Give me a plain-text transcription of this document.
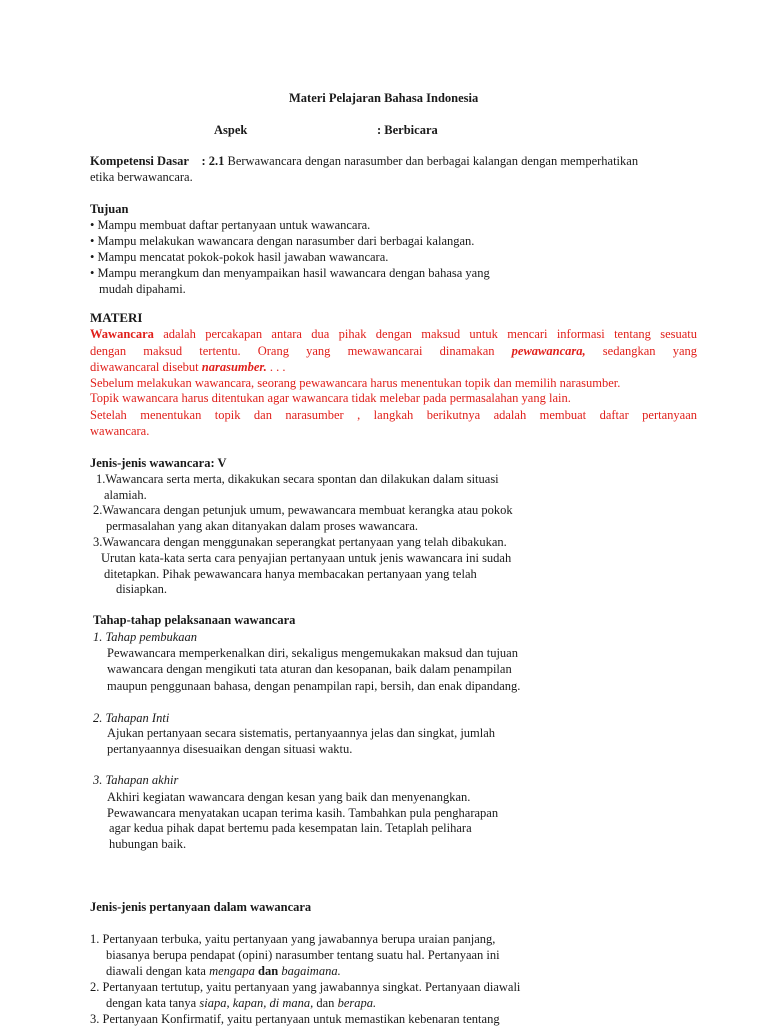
Materi Pelajaran Bahasa Indonesia
Aspek	: Berbicara
Kompetensi Dasar : 2.1 Berwawancara dengan narasumber dan berbagai kalangan dengan memperhatikan
etika berwawancara.
Tujuan
• Mampu membuat daftar pertanyaan untuk wawancara.
• Mampu melakukan wawancara dengan narasumber dari berbagai kalangan.
• Mampu mencatat pokok-pokok hasil jawaban wawancara.
• Mampu merangkum dan menyampaikan hasil wawancara dengan bahasa yang
mudah dipahami.
MATERI
Wawancara adalah percakapan antara dua pihak dengan maksud untuk mencari informasi tentang sesuatu
dengan maksud tertentu. Orang yang mewawancarai dinamakan pewawancara, sedangkan yang
diwawancaral disebut narasumber. . . .
Sebelum melakukan wawancara, seorang pewawancara harus menentukan topik dan memilih narasumber.
Topik wawancara harus ditentukan agar wawancara tidak melebar pada permasalahan yang lain.
Setelah menentukan topik dan narasumber , langkah berikutnya adalah membuat daftar pertanyaan
wawancara.
Jenis-jenis wawancara: V
1.Wawancara serta merta, dikakukan secara spontan dan dilakukan dalam situasi
alamiah.
2.Wawancara dengan petunjuk umum, pewawancara membuat kerangka atau pokok
permasalahan yang akan ditanyakan dalam proses wawancara.
3.Wawancara dengan menggunakan seperangkat pertanyaan yang telah dibakukan.
Urutan kata-kata serta cara penyajian pertanyaan untuk jenis wawancara ini sudah
ditetapkan. Pihak pewawancara hanya membacakan pertanyaan yang telah
disiapkan.
Tahap-tahap pelaksanaan wawancara
1. Tahap pembukaan
Pewawancara memperkenalkan diri, sekaligus mengemukakan maksud dan tujuan
wawancara dengan mengikuti tata aturan dan kesopanan, baik dalam penampilan
maupun penggunaan bahasa, dengan penampilan rapi, bersih, dan enak dipandang.
2. Tahapan Inti
Ajukan pertanyaan secara sistematis, pertanyaannya jelas dan singkat, jumlah
pertanyaannya disesuaikan dengan situasi waktu.
3. Tahapan akhir
Akhiri kegiatan wawancara dengan kesan yang baik dan menyenangkan.
Pewawancara menyatakan ucapan terima kasih. Tambahkan pula pengharapan
agar kedua pihak dapat bertemu pada kesempatan lain. Tetaplah pelihara
hubungan baik.
Jenis-jenis pertanyaan dalam wawancara
1. Pertanyaan terbuka, yaitu pertanyaan yang jawabannya berupa uraian panjang,
biasanya berupa pendapat (opini) narasumber tentang suatu hal. Pertanyaan ini
diawali dengan kata mengapa dan bagaimana.
2. Pertanyaan tertutup, yaitu pertanyaan yang jawabannya singkat. Pertanyaan diawali
dengan kata tanya siapa, kapan, di mana, dan berapa.
3. Pertanyaan Konfirmatif, yaitu pertanyaan untuk memastikan kebenaran tentang
